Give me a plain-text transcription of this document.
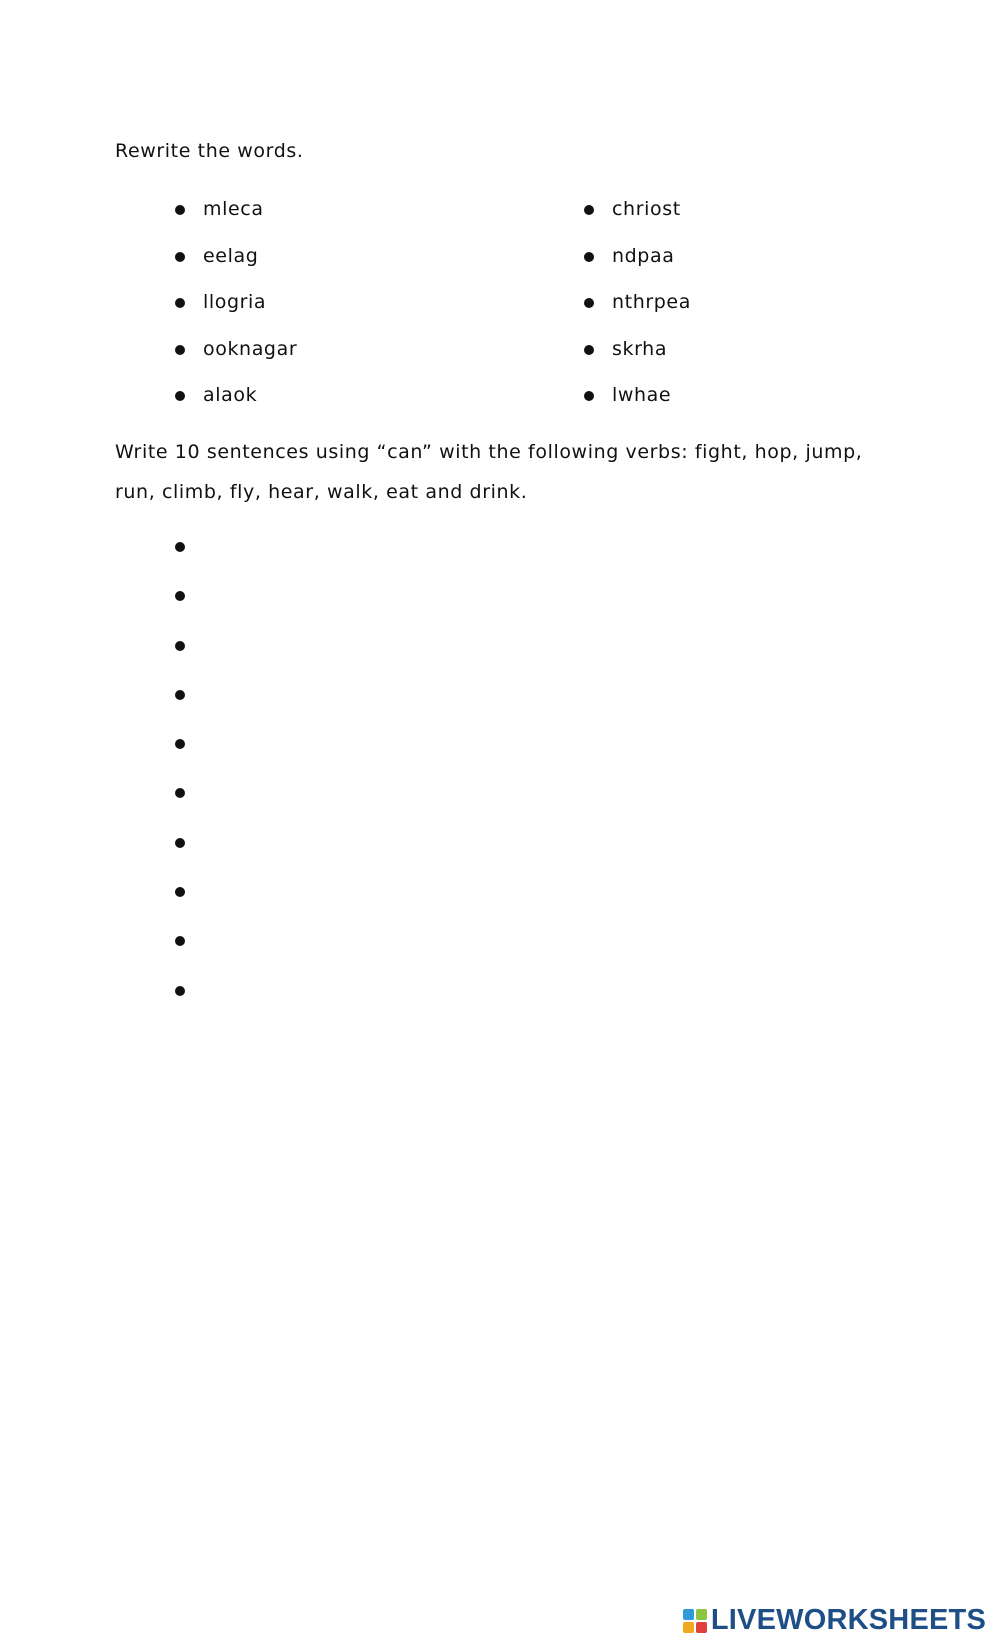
Rewrite the words.

mleca
eelag
llogria
ooknagar
alaok
chriost
ndpaa
nthrpea
skrha
lwhae

Write 10 sentences using “can” with the following verbs: fight, hop, jump, run, climb, fly, hear, walk, eat and drink.

LIVEWORKSHEETS
